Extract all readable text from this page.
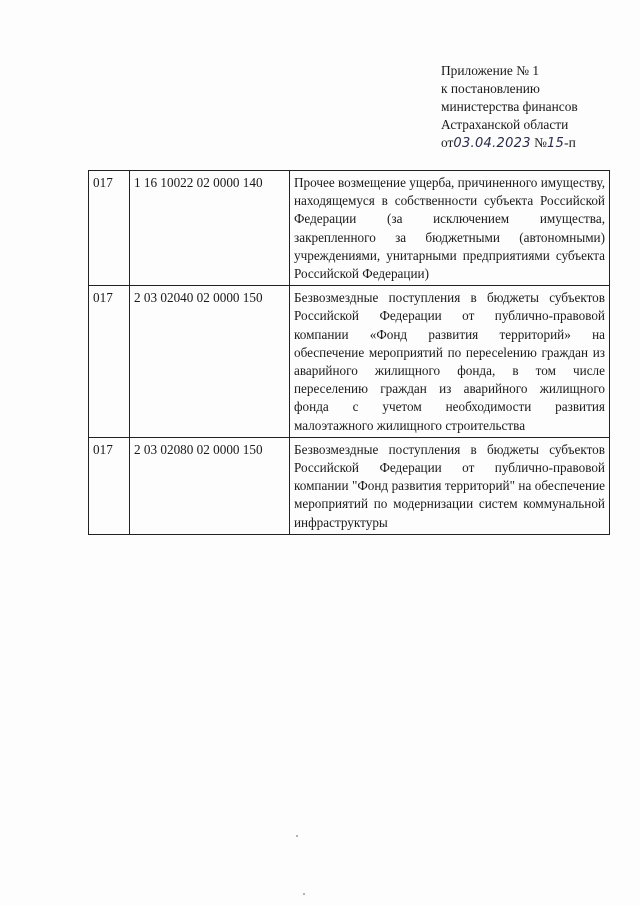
Приложение № 1
к постановлению
министерства финансов
Астраханской области
от03.04.2023 №15-п
017	1 16 10022 02 0000 140	Прочее возмещение ущерба, причиненного имуществу, находящемуся в собственности субъекта Российской Федерации (за исключением имущества, закрепленного за бюджетными (автономными) учреждениями, унитарными предприятиями субъекта Российской Федерации)
017	2 03 02040 02 0000 150	Безвозмездные поступления в бюджеты субъектов Российской Федерации от публично-правовой компании «Фонд развития территорий» на обеспечение мероприятий по пересeleнию граждан из аварийного жилищного фонда, в том числе переселению граждан из аварийного жилищного фонда с учетом необходимости развития малоэтажного жилищного строительства
017	2 03 02080 02 0000 150	Безвозмездные поступления в бюджеты субъектов Российской Федерации от публично-правовой компании "Фонд развития территорий" на обеспечение мероприятий по модернизации систем коммунальной инфраструктуры
